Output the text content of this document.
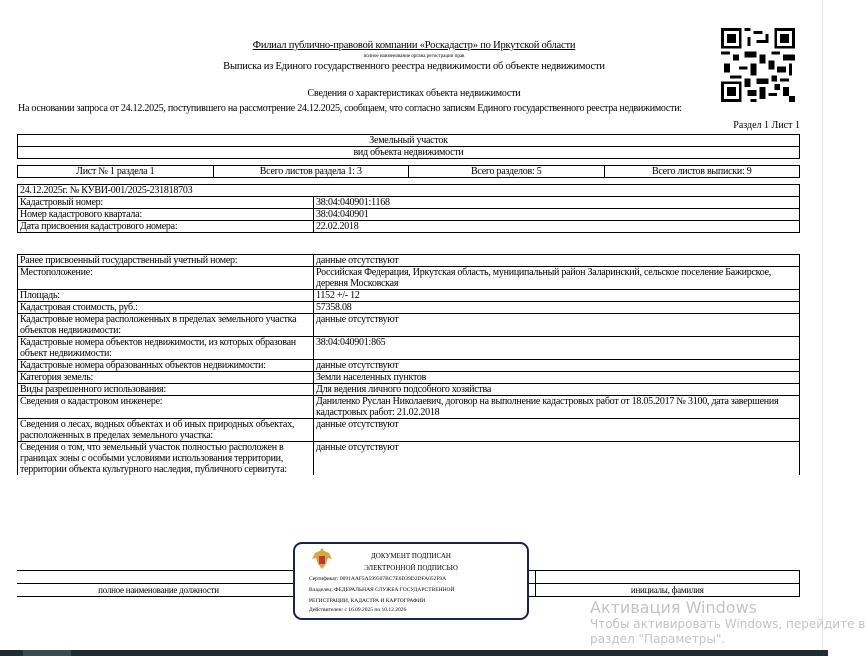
Филиал публично-правовой компании «Роскадастр» по Иркутской области
полное наименование органа регистрации прав
Выписка из Единого государственного реестра недвижимости об объекте недвижимости
Сведения о характеристиках объекта недвижимости
На основании запроса от 24.12.2025, поступившего на рассмотрение 24.12.2025, сообщаем, что согласно записям Единого государственного реестра недвижимости:
Раздел 1 Лист 1
Земельный участок
вид объекта недвижимости
Лист № 1 раздела 1	Всего листов раздела 1: 3	Всего разделов: 5	Всего листов выписки: 9
24.12.2025г. № КУВИ-001/2025-231818703	
Кадастровый номер:	38:04:040901:1168
Номер кадастрового квартала:	38:04:040901
Дата присвоения кадастрового номера:	22.02.2018
Ранее присвоенный государственный учетный номер:	данные отсутствуют
Местоположение:	Российская Федерация, Иркутская область, муниципальный район Заларинский, сельское поселение Бажирское, деревня Московская
Площадь:	1152 +/- 12
Кадастровая стоимость, руб.:	57358.08
Кадастровые номера расположенных в пределах земельного участка объектов недвижимости:	данные отсутствуют
Кадастровые номера объектов недвижимости, из которых образован объект недвижимости:	38:04:040901:865
Кадастровые номера образованных объектов недвижимости:	данные отсутствуют
Категория земель:	Земли населенных пунктов
Виды разрешенного использования:	Для ведения личного подсобного хозяйства
Сведения о кадастровом инженере:	Даниленко Руслан Николаевич, договор на выполнение кадастровых работ от 18.05.2017 № 3100, дата завершения кадастровых работ: 21.02.2018
Сведения о лесах, водных объектах и об иных природных объектах, расположенных в пределах земельного участка:	данные отсутствуют
Сведения о том, что земельный участок полностью расположен в границах зоны с особыми условиями использования территории, территории объекта культурного наследия, публичного сервитута:	данные отсутствуют

полное наименование должности		инициалы, фамилия
ДОКУМЕНТ ПОДПИСАН
ЭЛЕКТРОННОЙ ПОДПИСЬЮ
Сертификат: 0091AAF5A599507BC7E6D39D2DFA052F9A
Владелец: ФЕДЕРАЛЬНАЯ СЛУЖБА ГОСУДАРСТВЕННОЙ
РЕГИСТРАЦИИ, КАДАСТРА И КАРТОГРАФИИ
Действителен: с 16.09.2025 по 10.12.2026	Активация Windows
Чтобы активировать Windows, перейдите в
раздел "Параметры".
